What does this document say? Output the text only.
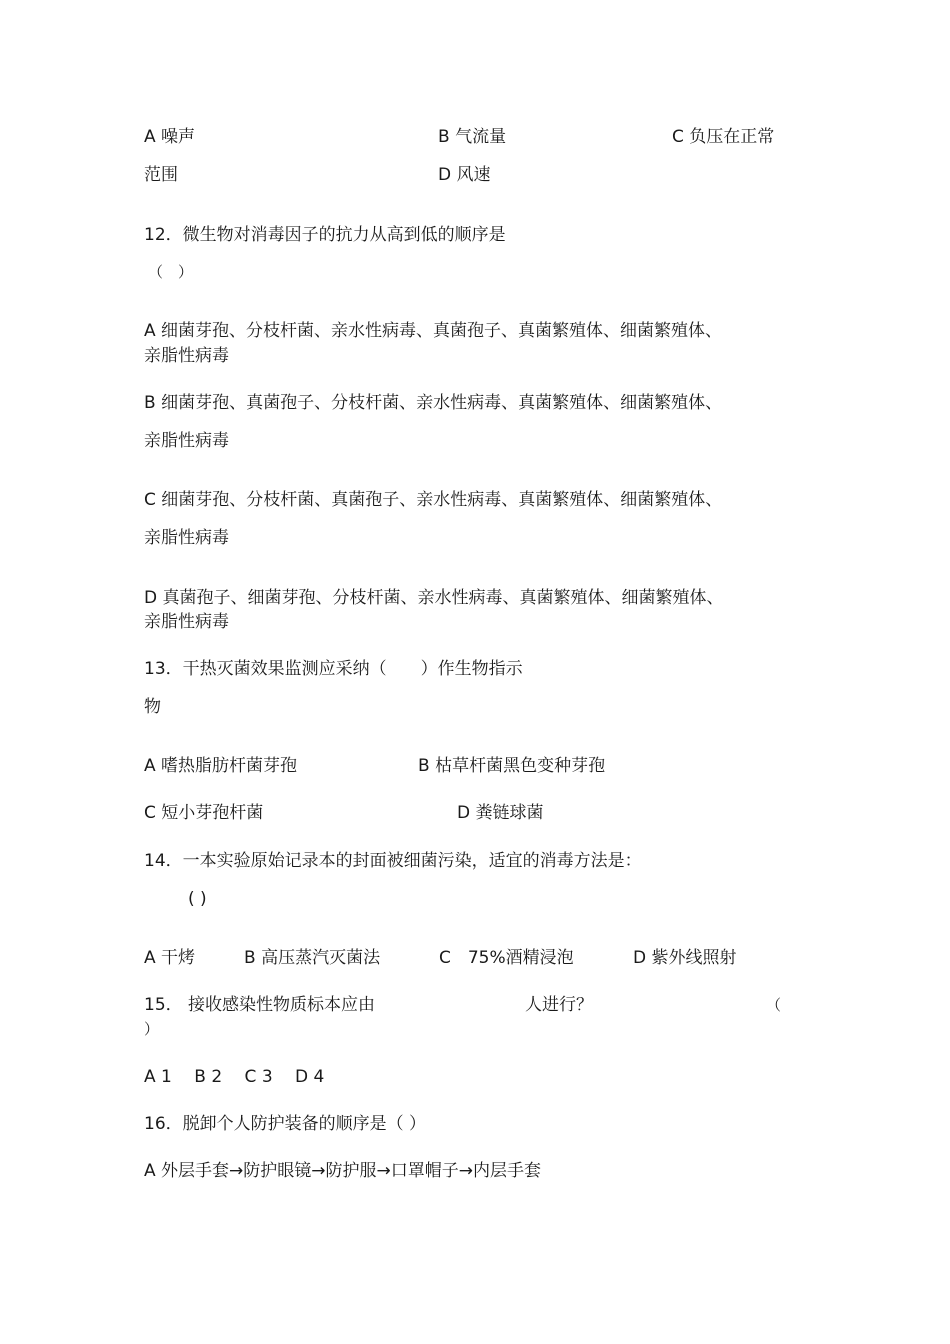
A 噪声	B 气流量	C 负压在正常
范围	D 风速
12．微生物对消毒因子的抗力从高到低的顺序是
（　）
A 细菌芽孢、分枝杆菌、亲水性病毒、真菌孢子、真菌繁殖体、细菌繁殖体、
亲脂性病毒
B 细菌芽孢、真菌孢子、分枝杆菌、亲水性病毒、真菌繁殖体、细菌繁殖体、
亲脂性病毒
C 细菌芽孢、分枝杆菌、真菌孢子、亲水性病毒、真菌繁殖体、细菌繁殖体、
亲脂性病毒
D 真菌孢子、细菌芽孢、分枝杆菌、亲水性病毒、真菌繁殖体、细菌繁殖体、
亲脂性病毒
13．干热灭菌效果监测应采纳（　　）作生物指示
物
A 嗜热脂肪杆菌芽孢	B 枯草杆菌黑色变种芽孢
C 短小芽孢杆菌	D 粪链球菌
14．一本实验原始记录本的封面被细菌污染，适宜的消毒方法是：
( )
A 干烤	B 高压蒸汽灭菌法	C　75%酒精浸泡	D 紫外线照射
15． 接收感染性物质标本应由	人进行？	（
）
A 1　 B 2　 C 3　 D 4
16．脱卸个人防护装备的顺序是（ ）
A 外层手套→防护眼镜→防护服→口罩帽子→内层手套
